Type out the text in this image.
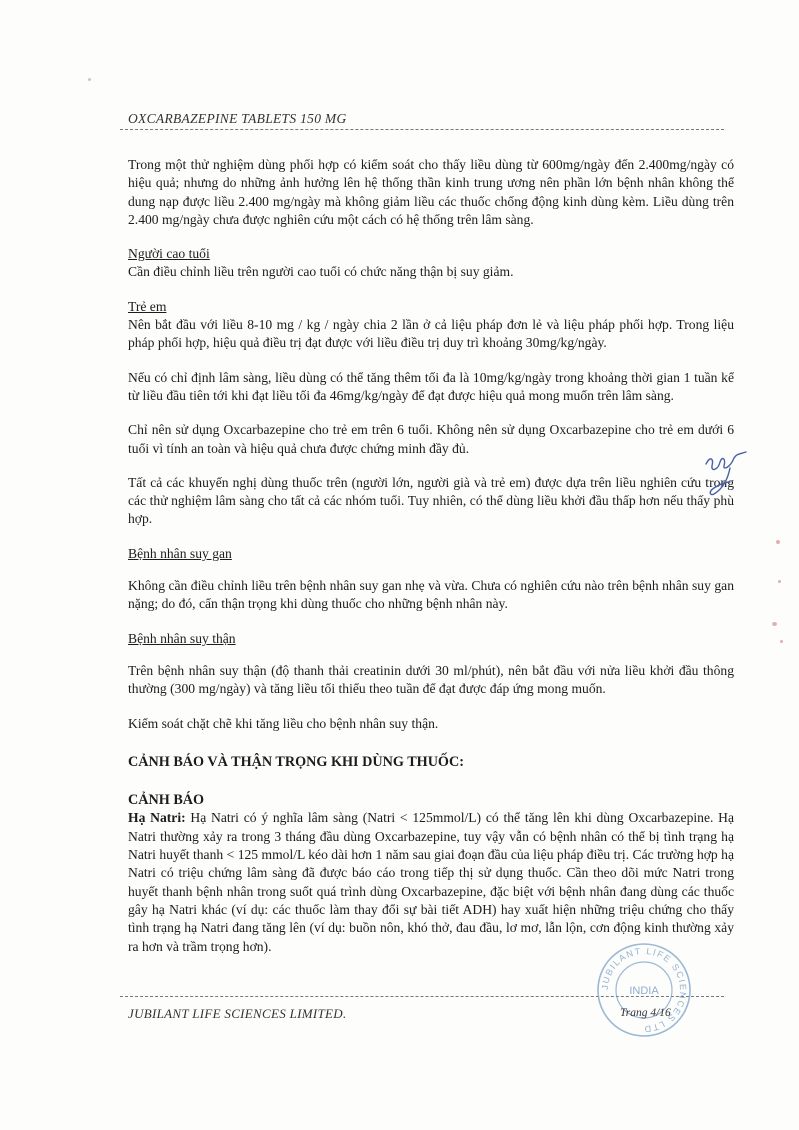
OXCARBAZEPINE TABLETS 150 MG

Trong một thử nghiệm dùng phối hợp có kiểm soát cho thấy liều dùng từ 600mg/ngày đến 2.400mg/ngày có hiệu quả; nhưng do những ảnh hưởng lên hệ thống thần kinh trung ương nên phần lớn bệnh nhân không thể dung nạp được liều 2.400 mg/ngày mà không giảm liều các thuốc chống động kinh dùng kèm. Liều dùng trên 2.400 mg/ngày chưa được nghiên cứu một cách có hệ thống trên lâm sàng.

Người cao tuổi

Cần điều chỉnh liều trên người cao tuổi có chức năng thận bị suy giảm.

Trẻ em

Nên bắt đầu với liều 8-10 mg / kg / ngày chia 2 lần ở cả liệu pháp đơn lẻ và liệu pháp phối hợp. Trong liệu pháp phối hợp, hiệu quả điều trị đạt được với liều điều trị duy trì khoảng 30mg/kg/ngày.

Nếu có chỉ định lâm sàng, liều dùng có thể tăng thêm tối đa là 10mg/kg/ngày trong khoảng thời gian 1 tuần kể từ liều đầu tiên tới khi đạt liều tối đa 46mg/kg/ngày để đạt được hiệu quả mong muốn trên lâm sàng.

Chỉ nên sử dụng Oxcarbazepine cho trẻ em trên 6 tuổi. Không nên sử dụng Oxcarbazepine cho trẻ em dưới 6 tuổi vì tính an toàn và hiệu quả chưa được chứng minh đầy đủ.

Tất cả các khuyến nghị dùng thuốc trên (người lớn, người già và trẻ em) được dựa trên liều nghiên cứu trong các thử nghiệm lâm sàng cho tất cả các nhóm tuổi. Tuy nhiên, có thể dùng liều khởi đầu thấp hơn nếu thấy phù hợp.

Bệnh nhân suy gan

Không cần điều chỉnh liều trên bệnh nhân suy gan nhẹ và vừa. Chưa có nghiên cứu nào trên bệnh nhân suy gan nặng; do đó, cẩn thận trọng khi dùng thuốc cho những bệnh nhân này.

Bệnh nhân suy thận

Trên bệnh nhân suy thận (độ thanh thải creatinin dưới 30 ml/phút), nên bắt đầu với nửa liều khởi đầu thông thường (300 mg/ngày) và tăng liều tối thiểu theo tuần để đạt được đáp ứng mong muốn.

Kiểm soát chặt chẽ khi tăng liều cho bệnh nhân suy thận.

CẢNH BÁO VÀ THẬN TRỌNG KHI DÙNG THUỐC:

CẢNH BÁO

Hạ Natri: Hạ Natri có ý nghĩa lâm sàng (Natri < 125mmol/L) có thể tăng lên khi dùng Oxcarbazepine. Hạ Natri thường xảy ra trong 3 tháng đầu dùng Oxcarbazepine, tuy vậy vẫn có bệnh nhân có thể bị tình trạng hạ Natri huyết thanh < 125 mmol/L kéo dài hơn 1 năm sau giai đoạn đầu của liệu pháp điều trị. Các trường hợp hạ Natri có triệu chứng lâm sàng đã được báo cáo trong tiếp thị sử dụng thuốc. Cần theo dõi mức Natri trong huyết thanh bệnh nhân trong suốt quá trình dùng Oxcarbazepine, đặc biệt với bệnh nhân đang dùng các thuốc gây hạ Natri khác (ví dụ: các thuốc làm thay đổi sự bài tiết ADH) hay xuất hiện những triệu chứng cho thấy tình trạng hạ Natri đang tăng lên (ví dụ: buồn nôn, khó thở, đau đầu, lơ mơ, lẫn lộn, cơn động kinh thường xảy ra hơn và trầm trọng hơn).

JUBILANT LIFE SCIENCES LIMITED.
JUBILANT LIFE SCIENCES LTD
INDIA
Trang 4/16
